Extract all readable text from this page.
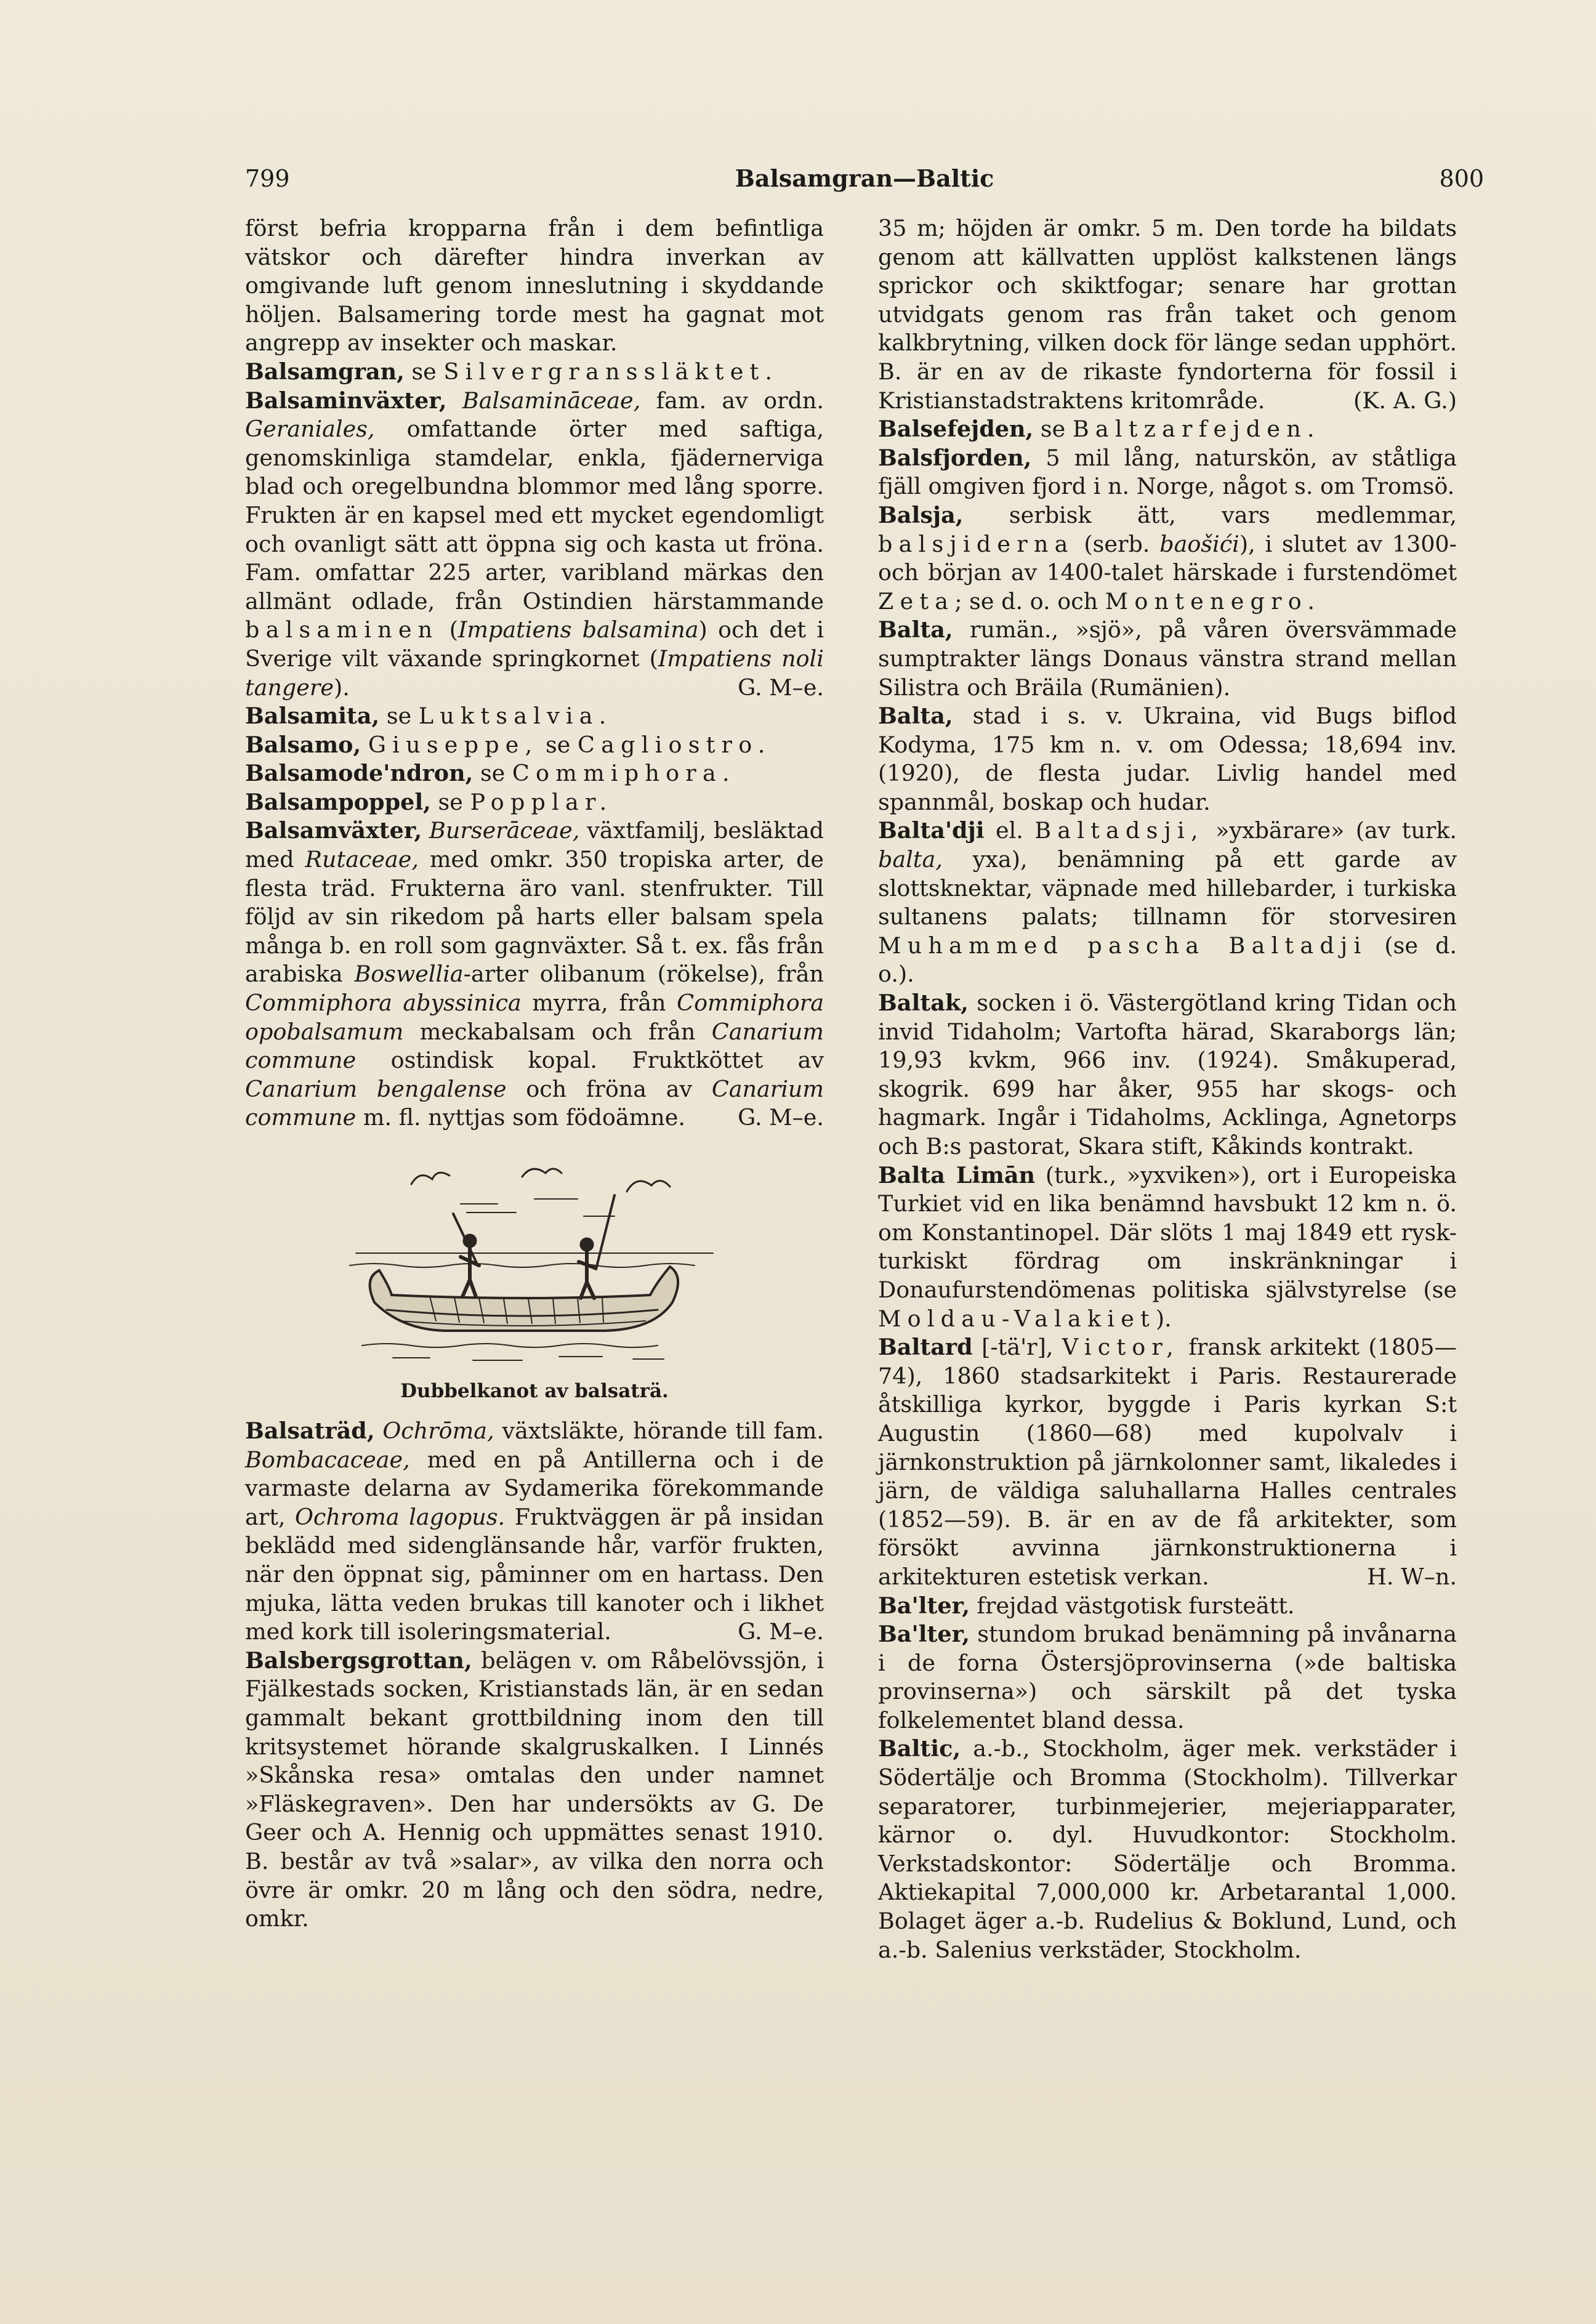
799	Balsamgran—Baltic	800

först befria kropparna från i dem befintliga vätskor och därefter hindra inverkan av omgivande luft genom inneslutning i skyddande höljen. Balsamering torde mest ha gagnat mot angrepp av insekter och maskar.

Balsamgran, se Silvergranssläktet.

Balsaminväxter, Balsamināceae, fam. av ordn. Geraniales, omfattande örter med saftiga, genomskinliga stamdelar, enkla, fjädernerviga blad och oregelbundna blommor med lång sporre. Frukten är en kapsel med ett mycket egendomligt och ovanligt sätt att öppna sig och kasta ut fröna. Fam. omfattar 225 arter, varibland märkas den allmänt odlade, från Ostindien härstammande balsaminen (Impatiens balsamina) och det i Sverige vilt växande springkornet (Impatiens noli tangere).	G. M–e.

Balsamita, se Luktsalvia.

Balsamo, Giuseppe, se Cagliostro.

Balsamode'ndron, se Commiphora.

Balsampoppel, se Popplar.

Balsamväxter, Burserāceae, växtfamilj, besläktad med Rutaceae, med omkr. 350 tropiska arter, de flesta träd. Frukterna äro vanl. stenfrukter. Till följd av sin rikedom på harts eller balsam spela många b. en roll som gagnväxter. Så t. ex. fås från arabiska Boswellia-arter olibanum (rökelse), från Commiphora abyssinica myrra, från Commiphora opobalsamum meckabalsam och från Canarium commune ostindisk kopal. Fruktköttet av Canarium bengalense och fröna av Canarium commune m. fl. nyttjas som födoämne. G. M–e.

Dubbelkanot av balsaträ.

Balsaträd, Ochrōma, växtsläkte, hörande till fam. Bombacaceae, med en på Antillerna och i de varmaste delarna av Sydamerika förekommande art, Ochroma lagopus. Fruktväggen är på insidan beklädd med sidenglänsande hår, varför frukten, när den öppnat sig, påminner om en hartass. Den mjuka, lätta veden brukas till kanoter och i likhet med kork till isoleringsmaterial.	G. M–e.

Balsbergsgrottan, belägen v. om Råbelövssjön, i Fjälkestads socken, Kristianstads län, är en sedan gammalt bekant grottbildning inom den till kritsystemet hörande skalgruskalken. I Linnés »Skånska resa» omtalas den under namnet »Fläskegraven». Den har undersökts av G. De Geer och A. Hennig och uppmättes senast 1910. B. består av två »salar», av vilka den norra och övre är omkr. 20 m lång och den södra, nedre, omkr.

35 m; höjden är omkr. 5 m. Den torde ha bildats genom att källvatten upplöst kalkstenen längs sprickor och skiktfogar; senare har grottan utvidgats genom ras från taket och genom kalkbrytning, vilken dock för länge sedan upphört. B. är en av de rikaste fyndorterna för fossil i Kristianstadstraktens kritområde.	(K. A. G.)

Balsefejden, se Baltzarfejden.

Balsfjorden, 5 mil lång, naturskön, av ståtliga fjäll omgiven fjord i n. Norge, något s. om Tromsö.

Balsja, serbisk ätt, vars medlemmar, balsjiderna (serb. baošići), i slutet av 1300- och början av 1400-talet härskade i furstendömet Zeta; se d. o. och Montenegro.

Balta, rumän., »sjö», på våren översvämmade sumptrakter längs Donaus vänstra strand mellan Silistra och Bräila (Rumänien).

Balta, stad i s. v. Ukraina, vid Bugs biflod Kodyma, 175 km n. v. om Odessa; 18,694 inv. (1920), de flesta judar. Livlig handel med spannmål, boskap och hudar.

Balta'dji el. Baltadsji, »yxbärare» (av turk. balta, yxa), benämning på ett garde av slottsknektar, väpnade med hillebarder, i turkiska sultanens palats; tillnamn för storvesiren Muhammed pascha Baltadji (se d. o.).

Baltak, socken i ö. Västergötland kring Tidan och invid Tidaholm; Vartofta härad, Skaraborgs län; 19,93 kvkm, 966 inv. (1924). Småkuperad, skogrik. 699 har åker, 955 har skogs- och hagmark. Ingår i Tidaholms, Acklinga, Agnetorps och B:s pastorat, Skara stift, Kåkinds kontrakt.

Balta Limān (turk., »yxviken»), ort i Europeiska Turkiet vid en lika benämnd havsbukt 12 km n. ö. om Konstantinopel. Där slöts 1 maj 1849 ett rysk-turkiskt fördrag om inskränkningar i Donaufurstendömenas politiska självstyrelse (se Moldau-Valakiet).

Baltard [-tä'r], Victor, fransk arkitekt (1805—74), 1860 stadsarkitekt i Paris. Restaurerade åtskilliga kyrkor, byggde i Paris kyrkan S:t Augustin (1860—68) med kupolvalv i järnkonstruktion på järnkolonner samt, likaledes i järn, de väldiga saluhallarna Halles centrales (1852—59). B. är en av de få arkitekter, som försökt avvinna järnkonstruktionerna i arkitekturen estetisk verkan.	H. W–n.

Ba'lter, frejdad västgotisk fursteätt.

Ba'lter, stundom brukad benämning på invånarna i de forna Östersjöprovinserna (»de baltiska provinserna») och särskilt på det tyska folkelementet bland dessa.

Baltic, a.-b., Stockholm, äger mek. verkstäder i Södertälje och Bromma (Stockholm). Tillverkar separatorer, turbinmejerier, mejeriapparater, kärnor o. dyl. Huvudkontor: Stockholm. Verkstadskontor: Södertälje och Bromma. Aktiekapital 7,000,000 kr. Arbetarantal 1,000. Bolaget äger a.-b. Rudelius & Boklund, Lund, och a.-b. Salenius verkstäder, Stockholm.
